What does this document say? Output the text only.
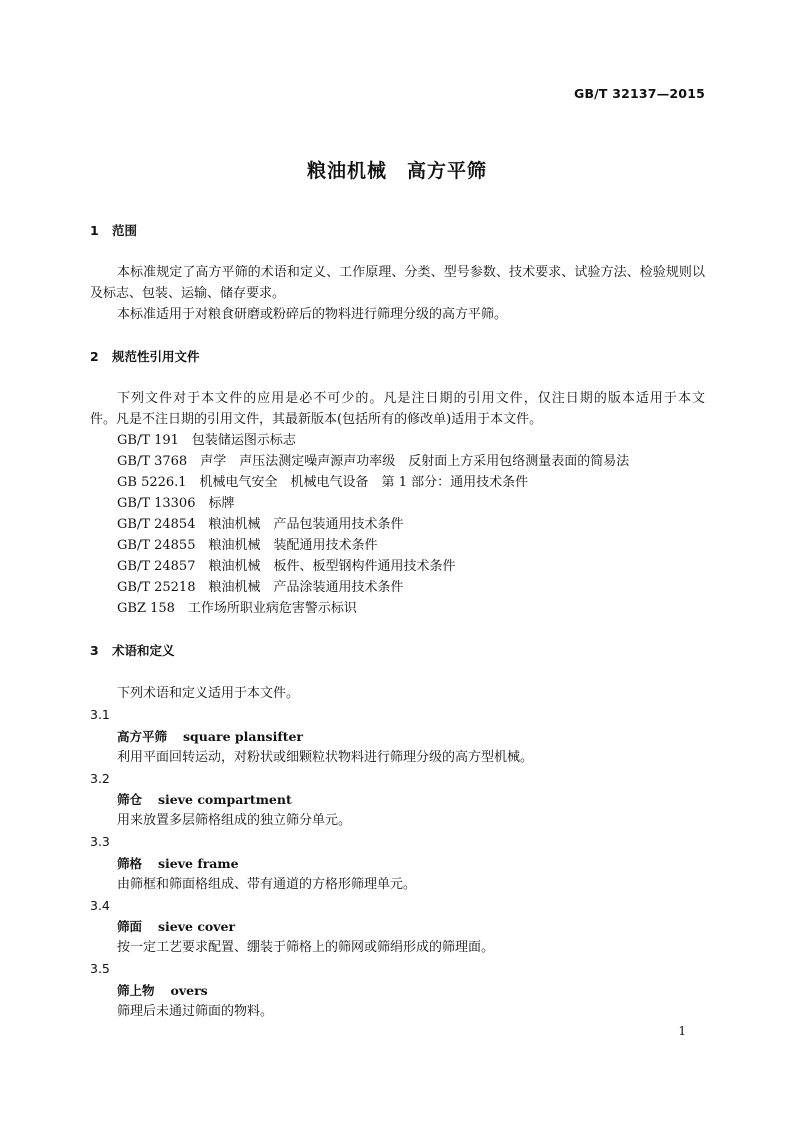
GB/T 32137—2015
粮油机械　高方平筛
1 范围
本标准规定了高方平筛的术语和定义、工作原理、分类、型号参数、技术要求、试验方法、检验规则以
及标志、包装、运输、储存要求。
本标准适用于对粮食研磨或粉碎后的物料进行筛理分级的高方平筛。
2 规范性引用文件
下列文件对于本文件的应用是必不可少的。凡是注日期的引用文件，仅注日期的版本适用于本文
件。凡是不注日期的引用文件，其最新版本(包括所有的修改单)适用于本文件。
GB/T 191　包装储运图示标志
GB/T 3768　声学　声压法测定噪声源声功率级　反射面上方采用包络测量表面的简易法
GB 5226.1　机械电气安全　机械电气设备　第 1 部分：通用技术条件
GB/T 13306　标牌
GB/T 24854　粮油机械　产品包装通用技术条件
GB/T 24855　粮油机械　装配通用技术条件
GB/T 24857　粮油机械　板件、板型钢构件通用技术条件
GB/T 25218　粮油机械　产品涂装通用技术条件
GBZ 158　工作场所职业病危害警示标识
3 术语和定义
下列术语和定义适用于本文件。
3.1
高方平筛 square plansifter
利用平面回转运动，对粉状或细颗粒状物料进行筛理分级的高方型机械。
3.2
筛仓 sieve compartment
用来放置多层筛格组成的独立筛分单元。
3.3
筛格 sieve frame
由筛框和筛面格组成、带有通道的方格形筛理单元。
3.4
筛面 sieve cover
按一定工艺要求配置、绷装于筛格上的筛网或筛绢形成的筛理面。
3.5
筛上物 overs
筛理后未通过筛面的物料。
1
